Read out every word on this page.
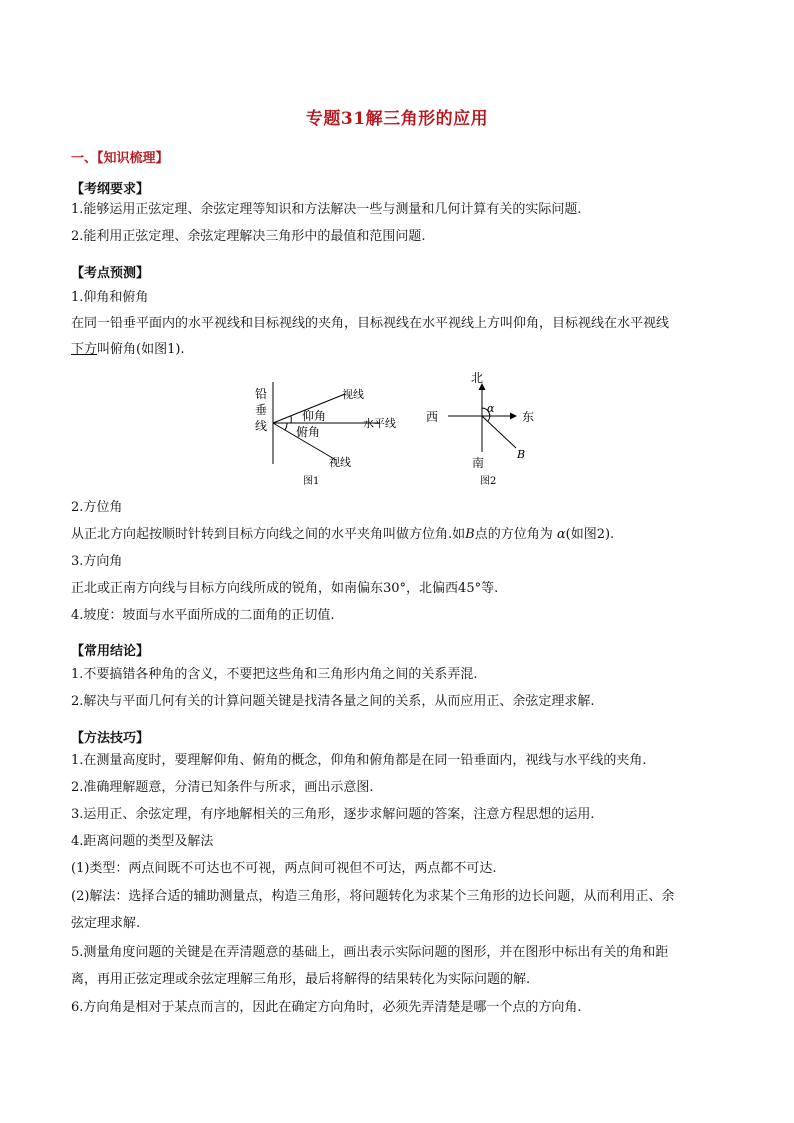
专题31解三角形的应用
一、【知识梳理】
【考纲要求】
1.能够运用正弦定理、余弦定理等知识和方法解决一些与测量和几何计算有关的实际问题.
2.能利用正弦定理、余弦定理解决三角形中的最值和范围问题.
【考点预测】
1.仰角和俯角
在同一铅垂平面内的水平视线和目标视线的夹角，目标视线在水平视线上方叫仰角，目标视线在水平视线
下方叫俯角(如图1).
铅
垂
线
视线
仰角
水平线
俯角
视线
图1
北
西	东
南
α
B
图2
2.方位角
从正北方向起按顺时针转到目标方向线之间的水平夹角叫做方位角.如B点的方位角为 α(如图2).
3.方向角
正北或正南方向线与目标方向线所成的锐角，如南偏东30°，北偏西45°等.
4.坡度：坡面与水平面所成的二面角的正切值.
【常用结论】
1.不要搞错各种角的含义，不要把这些角和三角形内角之间的关系弄混.
2.解决与平面几何有关的计算问题关键是找清各量之间的关系，从而应用正、余弦定理求解.
【方法技巧】
1.在测量高度时，要理解仰角、俯角的概念，仰角和俯角都是在同一铅垂面内，视线与水平线的夹角.
2.准确理解题意，分清已知条件与所求，画出示意图.
3.运用正、余弦定理，有序地解相关的三角形，逐步求解问题的答案，注意方程思想的运用.
4.距离问题的类型及解法
(1)类型：两点间既不可达也不可视，两点间可视但不可达，两点都不可达.
(2)解法：选择合适的辅助测量点，构造三角形，将问题转化为求某个三角形的边长问题，从而利用正、余
弦定理求解.
5.测量角度问题的关键是在弄清题意的基础上，画出表示实际问题的图形，并在图形中标出有关的角和距
离，再用正弦定理或余弦定理解三角形，最后将解得的结果转化为实际问题的解.
6.方向角是相对于某点而言的，因此在确定方向角时，必须先弄清楚是哪一个点的方向角.
